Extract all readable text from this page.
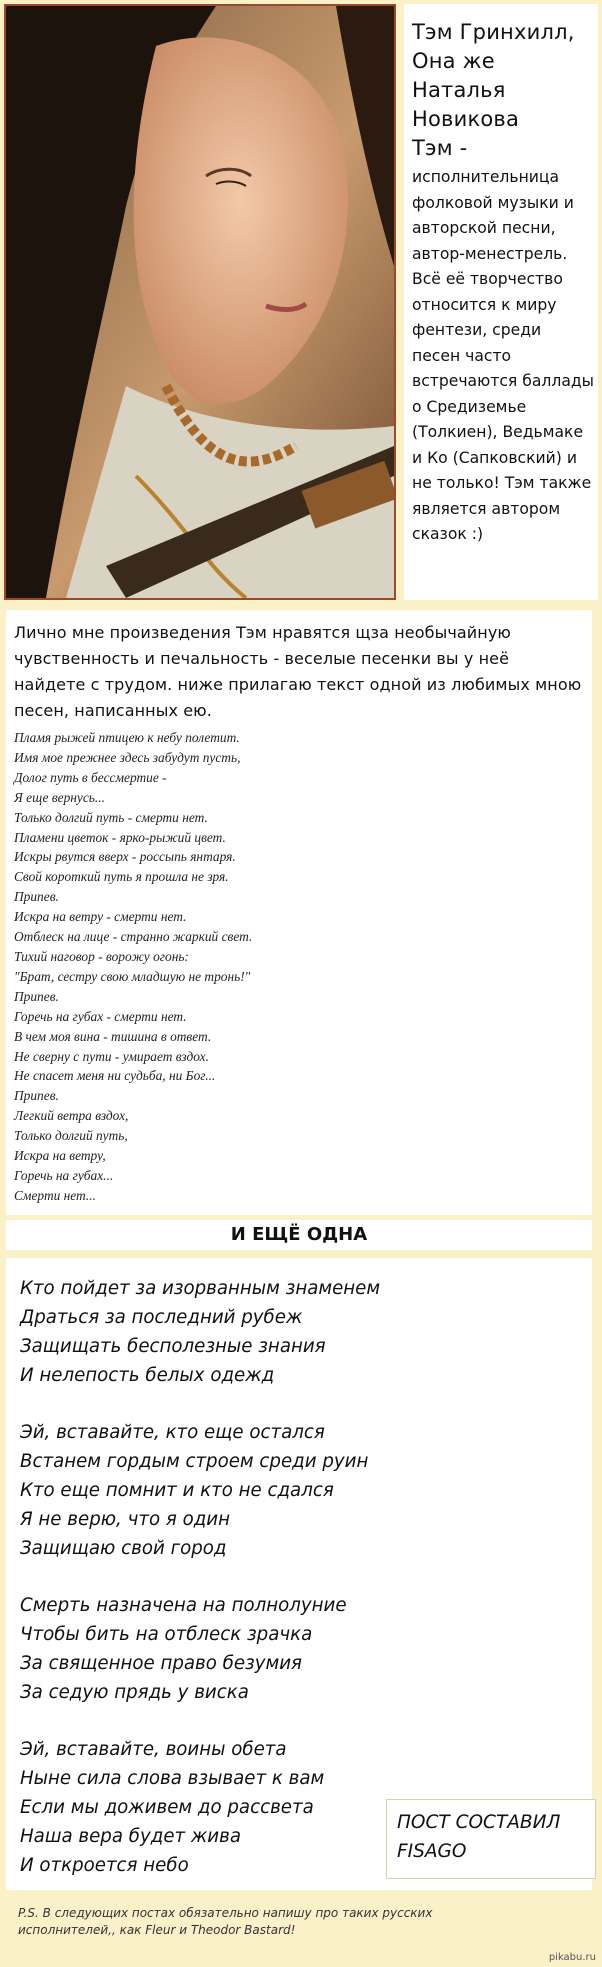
Тэм Гринхилл,
Она же Наталья Новикова
Тэм -

исполнительница фолковой музыки и авторской песни, автор-менестрель. Всё её творчество относится к миру фентези, среди песен часто встречаются баллады о Средиземье (Толкиен), Ведьмаке и Ко (Сапковский) и не только! Тэм также является автором сказок :)

Лично мне произведения Тэм нравятся щза необычайную чувственность и печальность - веселые песенки вы у неё найдете с трудом. ниже прилагаю текст одной из любимых мною песен, написанных ею.

Пламя рыжей птицею к небу полетит.
Имя мое прежнее здесь забудут пусть,
Долог путь в бессмертие -
Я еще вернусь...
Только долгий путь - смерти нет.
Пламени цветок - ярко-рыжий цвет.
Искры рвутся вверх - россыпь янтаря.
Свой короткий путь я прошла не зря.
Припев.
Искра на ветру - смерти нет.
Отблеск на лице - странно жаркий свет.
Тихий наговор - ворожу огонь:
"Брат, сестру свою младшую не тронь!"
Припев.
Горечь на губах - смерти нет.
В чем моя вина - тишина в ответ.
Не сверну с пути - умирает вздох.
Не спасет меня ни судьба, ни Бог...
Припев.
Легкий ветра вздох,
Только долгий путь,
Искра на ветру,
Горечь на губах...
Смерти нет...
И ЕЩЁ ОДНА
Кто пойдет за изорванным знаменем
Драться за последний рубеж
Защищать бесполезные знания
И нелепость белых одежд
Эй, вставайте, кто еще остался
Встанем гордым строем среди руин
Кто еще помнит и кто не сдался
Я не верю, что я один
Защищаю свой город
Смерть назначена на полнолуние
Чтобы бить на отблеск зрачка
За священное право безумия
За седую прядь у виска
Эй, вставайте, воины обета
Ныне сила слова взывает к вам
Если мы доживем до рассвета
Наша вера будет жива
И откроется небо
ПОСТ СОСТАВИЛ
FISAGO
P.S. В следующих постах обязательно напишу про таких русских исполнителей,, как Fleur и Theodor Bastard!
pikabu.ru
